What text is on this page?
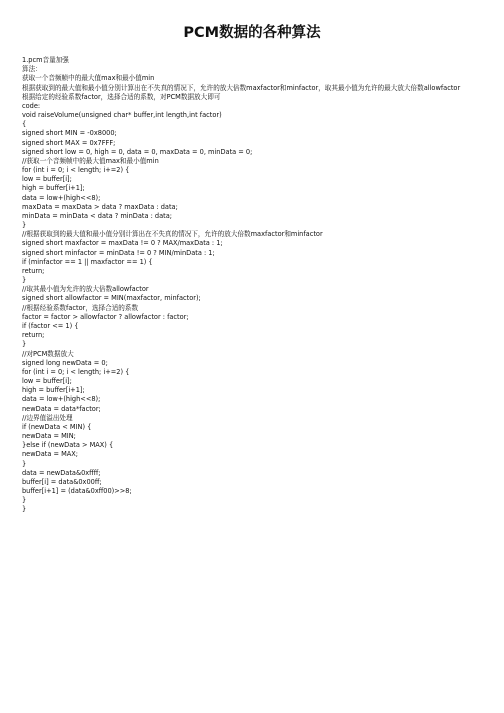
PCM数据的各种算法
1.pcm音量加强
算法：
获取一个音频帧中的最大值max和最小值min
根据获取到的最大值和最小值分别计算出在不失真的情况下，允许的放大倍数maxfactor和minfactor，取其最小值为允许的最大放大倍数allowfactor
根据给定的经验系数factor，选择合适的系数，对PCM数据放大即可
code:
void raiseVolume(unsigned char* buffer,int length,int factor)
{
signed short MIN = -0x8000;
signed short MAX = 0x7FFF;
signed short low = 0, high = 0, data = 0, maxData = 0, minData = 0;
//获取一个音频帧中的最大值max和最小值min
for (int i = 0; i < length; i+=2) {
low = buffer[i];
high = buffer[i+1];
data = low+(high<<8);
maxData = maxData > data ? maxData : data;
minData = minData < data ? minData : data;
}
//根据获取到的最大值和最小值分别计算出在不失真的情况下，允许的放大倍数maxfactor和minfactor
signed short maxfactor = maxData != 0 ? MAX/maxData : 1;
signed short minfactor = minData != 0 ? MIN/minData : 1;
if (minfactor == 1 || maxfactor == 1) {
return;
}
//取其最小值为允许的放大倍数allowfactor
signed short allowfactor = MIN(maxfactor, minfactor);
//根据经验系数factor，选择合适的系数
factor = factor > allowfactor ? allowfactor : factor;
if (factor <= 1) {
return;
}
//对PCM数据放大
signed long newData = 0;
for (int i = 0; i < length; i+=2) {
low = buffer[i];
high = buffer[i+1];
data = low+(high<<8);
newData = data*factor;
//边界值溢出处理
if (newData < MIN) {
newData = MIN;
}else if (newData > MAX) {
newData = MAX;
}
data = newData&0xffff;
buffer[i] = data&0x00ff;
buffer[i+1] = (data&0xff00)>>8;
}
}
